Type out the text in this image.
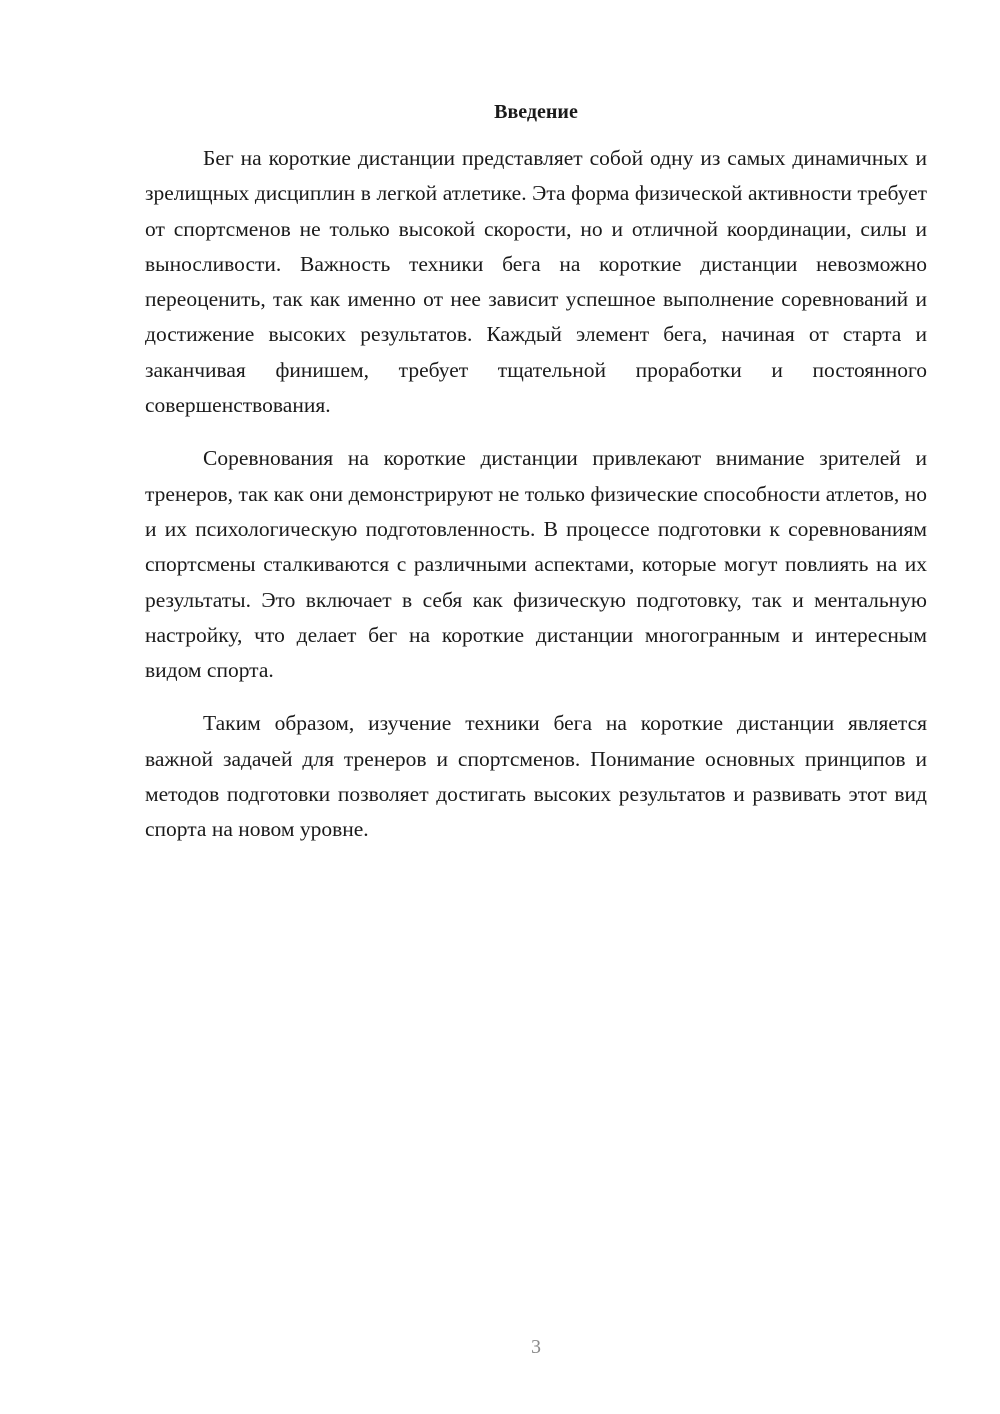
Введение

Бег на короткие дистанции представляет собой одну из самых динамичных и зрелищных дисциплин в легкой атлетике. Эта форма физической активности требует от спортсменов не только высокой скорости, но и отличной координации, силы и выносливости. Важность техники бега на короткие дистанции невозможно переоценить, так как именно от нее зависит успешное выполнение соревнований и достижение высоких результатов. Каждый элемент бега, начиная от старта и заканчивая финишем, требует тщательной проработки и постоянного совершенствования.

Соревнования на короткие дистанции привлекают внимание зрителей и тренеров, так как они демонстрируют не только физические способности атлетов, но и их психологическую подготовленность. В процессе подготовки к соревнованиям спортсмены сталкиваются с различными аспектами, которые могут повлиять на их результаты. Это включает в себя как физическую подготовку, так и ментальную настройку, что делает бег на короткие дистанции многогранным и интересным видом спорта.

Таким образом, изучение техники бега на короткие дистанции является важной задачей для тренеров и спортсменов. Понимание основных принципов и методов подготовки позволяет достигать высоких результатов и развивать этот вид спорта на новом уровне.

3
